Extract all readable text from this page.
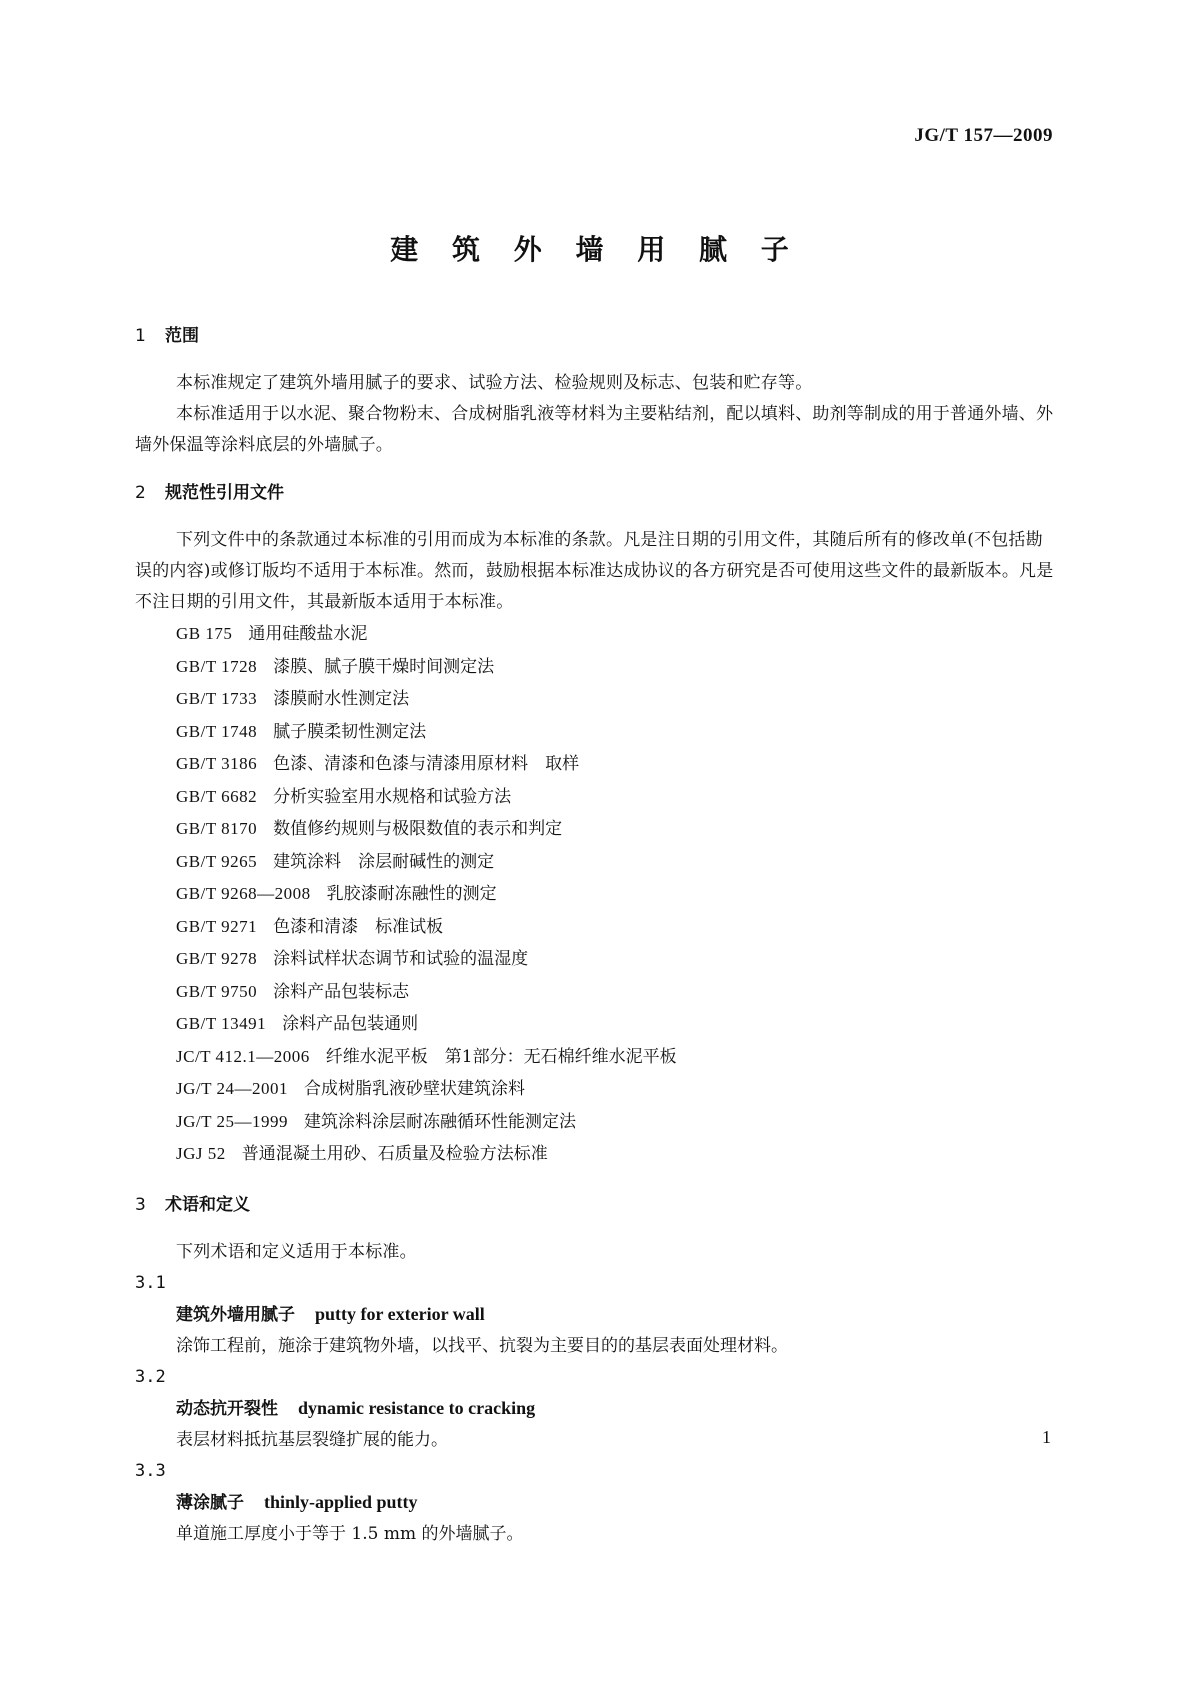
JG/T 157—2009
建 筑 外 墙 用 腻 子
1 范围

本标准规定了建筑外墙用腻子的要求、试验方法、检验规则及标志、包装和贮存等。

本标准适用于以水泥、聚合物粉末、合成树脂乳液等材料为主要粘结剂，配以填料、助剂等制成的用于普通外墙、外墙外保温等涂料底层的外墙腻子。

2 规范性引用文件

下列文件中的条款通过本标准的引用而成为本标准的条款。凡是注日期的引用文件，其随后所有的修改单(不包括勘误的内容)或修订版均不适用于本标准。然而，鼓励根据本标准达成协议的各方研究是否可使用这些文件的最新版本。凡是不注日期的引用文件，其最新版本适用于本标准。

GB 175 通用硅酸盐水泥
GB/T 1728 漆膜、腻子膜干燥时间测定法
GB/T 1733 漆膜耐水性测定法
GB/T 1748 腻子膜柔韧性测定法
GB/T 3186 色漆、清漆和色漆与清漆用原材料　取样
GB/T 6682 分析实验室用水规格和试验方法
GB/T 8170 数值修约规则与极限数值的表示和判定
GB/T 9265 建筑涂料　涂层耐碱性的测定
GB/T 9268—2008 乳胶漆耐冻融性的测定
GB/T 9271 色漆和清漆　标准试板
GB/T 9278 涂料试样状态调节和试验的温湿度
GB/T 9750 涂料产品包装标志
GB/T 13491 涂料产品包装通则
JC/T 412.1—2006 纤维水泥平板　第1部分：无石棉纤维水泥平板
JG/T 24—2001 合成树脂乳液砂壁状建筑涂料
JG/T 25—1999 建筑涂料涂层耐冻融循环性能测定法
JGJ 52 普通混凝土用砂、石质量及检验方法标准
3 术语和定义

下列术语和定义适用于本标准。

3.1

建筑外墙用腻子 putty for exterior wall

涂饰工程前，施涂于建筑物外墙，以找平、抗裂为主要目的的基层表面处理材料。

3.2

动态抗开裂性 dynamic resistance to cracking

表层材料抵抗基层裂缝扩展的能力。

3.3

薄涂腻子 thinly-applied putty

单道施工厚度小于等于 1.5 mm 的外墙腻子。

1
